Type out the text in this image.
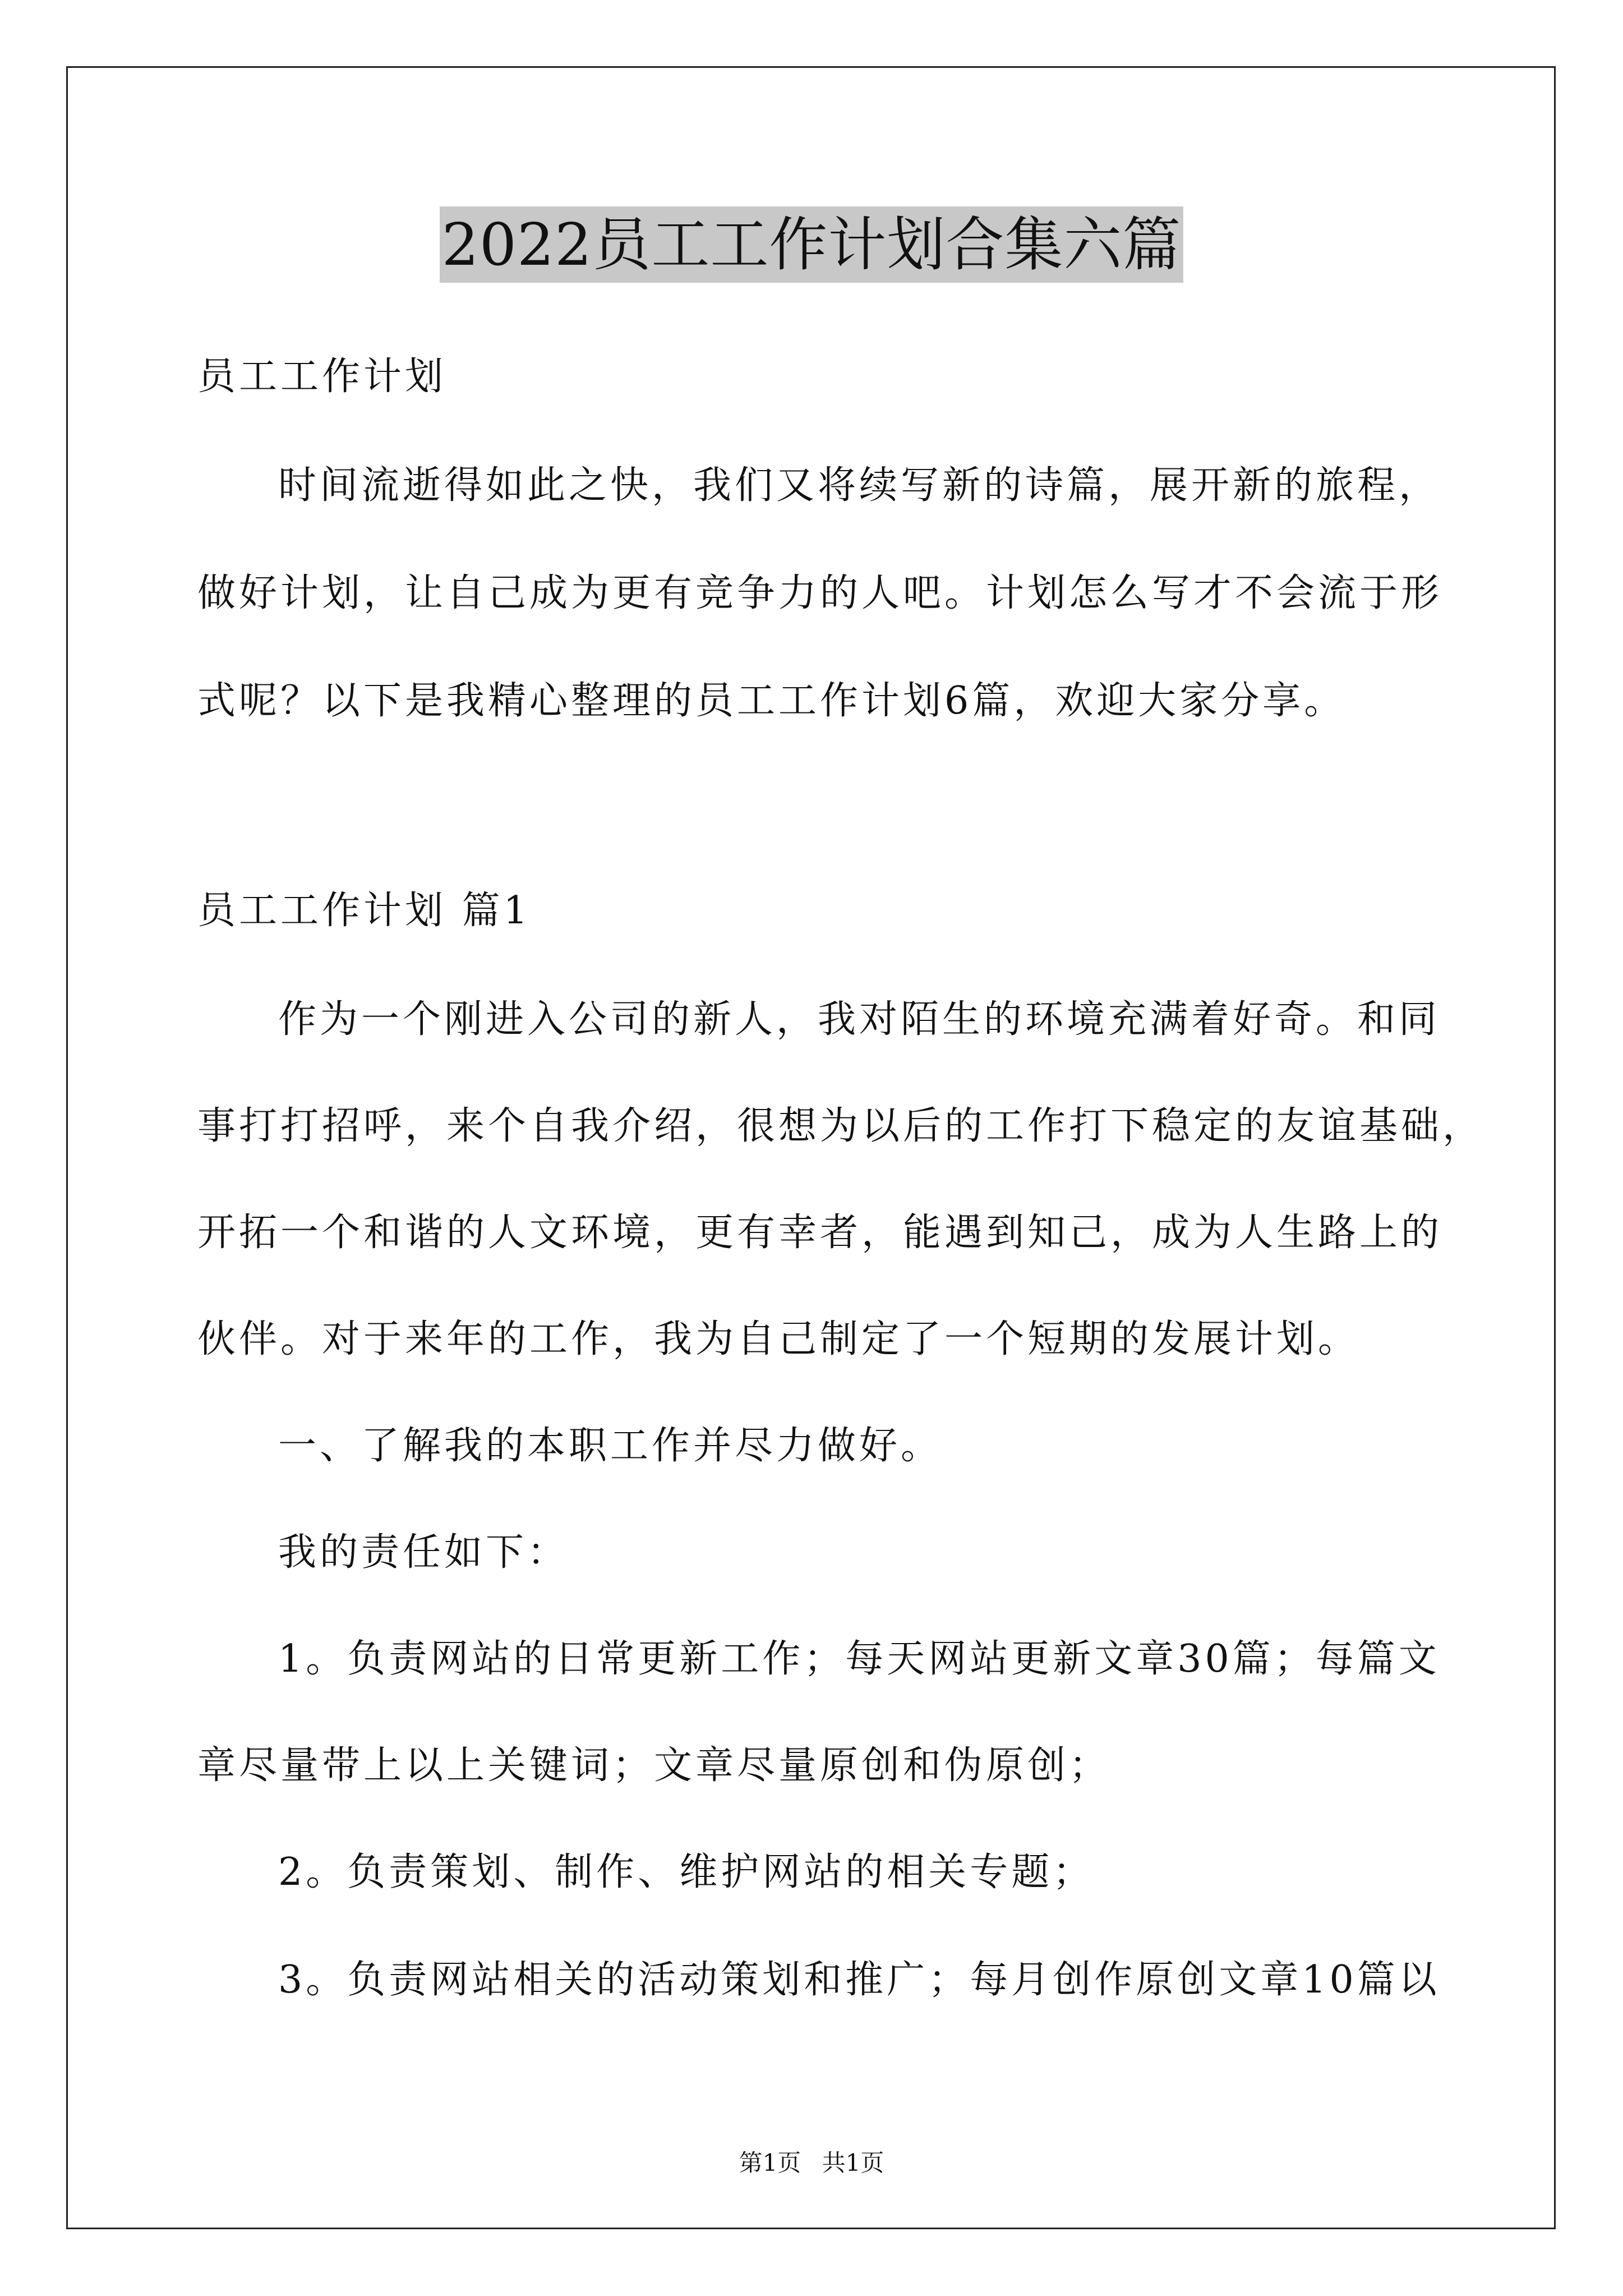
2022员工工作计划合集六篇
员工工作计划
时间流逝得如此之快，我们又将续写新的诗篇，展开新的旅程，
做好计划，让自己成为更有竞争力的人吧。计划怎么写才不会流于形
式呢？以下是我精心整理的员工工作计划6篇，欢迎大家分享。
员工工作计划 篇1
作为一个刚进入公司的新人，我对陌生的环境充满着好奇。和同
事打打招呼，来个自我介绍，很想为以后的工作打下稳定的友谊基础，
开拓一个和谐的人文环境，更有幸者，能遇到知己，成为人生路上的
伙伴。对于来年的工作，我为自己制定了一个短期的发展计划。
一、了解我的本职工作并尽力做好。
我的责任如下：
1。负责网站的日常更新工作；每天网站更新文章30篇；每篇文
章尽量带上以上关键词；文章尽量原创和伪原创；
2。负责策划、制作、维护网站的相关专题；
3。负责网站相关的活动策划和推广；每月创作原创文章10篇以
第1页 共1页
